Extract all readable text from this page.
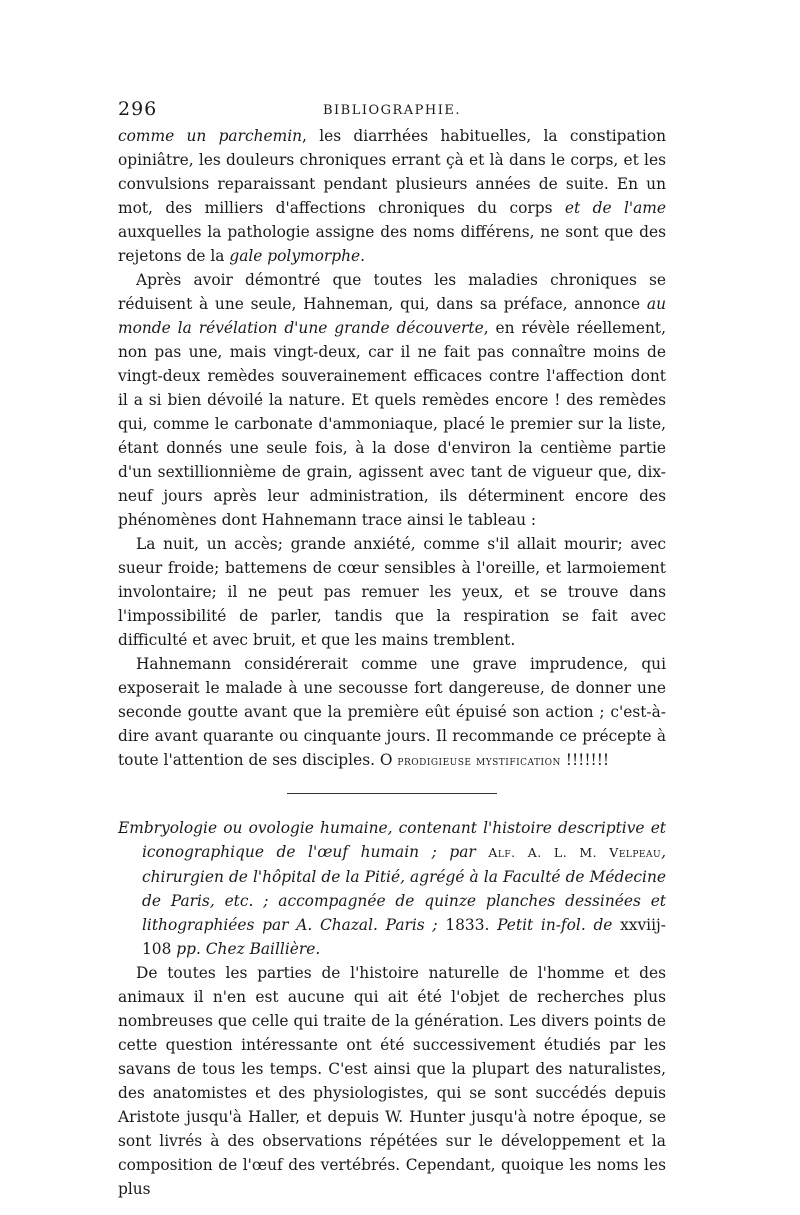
296	BIBLIOGRAPHIE.

comme un parchemin, les diarrhées habituelles, la constipation opiniâtre, les douleurs chroniques errant çà et là dans le corps, et les convulsions reparaissant pendant plusieurs années de suite. En un mot, des milliers d'affections chroniques du corps et de l'ame auxquelles la pathologie assigne des noms différens, ne sont que des rejetons de la gale polymorphe.

Après avoir démontré que toutes les maladies chroniques se réduisent à une seule, Hahneman, qui, dans sa préface, annonce au monde la révélation d'une grande découverte, en révèle réellement, non pas une, mais vingt-deux, car il ne fait pas connaître moins de vingt-deux remèdes souverainement efficaces contre l'affection dont il a si bien dévoilé la nature. Et quels remèdes encore ! des remèdes qui, comme le carbonate d'ammoniaque, placé le premier sur la liste, étant donnés une seule fois, à la dose d'environ la centième partie d'un sextillionnième de grain, agissent avec tant de vigueur que, dix-neuf jours après leur administration, ils déterminent encore des phénomènes dont Hahnemann trace ainsi le tableau :

La nuit, un accès; grande anxiété, comme s'il allait mourir; avec sueur froide; battemens de cœur sensibles à l'oreille, et larmoiement involontaire; il ne peut pas remuer les yeux, et se trouve dans l'impossibilité de parler, tandis que la respiration se fait avec difficulté et avec bruit, et que les mains tremblent.

Hahnemann considérerait comme une grave imprudence, qui exposerait le malade à une secousse fort dangereuse, de donner une seconde goutte avant que la première eût épuisé son action ; c'est-à-dire avant quarante ou cinquante jours. Il recommande ce précepte à toute l'attention de ses disciples. O prodigieuse mystification !!!!!!!

Embryologie ou ovologie humaine, contenant l'histoire descriptive et iconographique de l'œuf humain ; par Alf. A. L. M. Velpeau, chirurgien de l'hôpital de la Pitié, agrégé à la Faculté de Médecine de Paris, etc. ; accompagnée de quinze planches dessinées et lithographiées par A. Chazal. Paris ; 1833. Petit in-fol. de xxviij-108 pp. Chez Baillière.

De toutes les parties de l'histoire naturelle de l'homme et des animaux il n'en est aucune qui ait été l'objet de recherches plus nombreuses que celle qui traite de la génération. Les divers points de cette question intéressante ont été successivement étudiés par les savans de tous les temps. C'est ainsi que la plupart des naturalistes, des anatomistes et des physiologistes, qui se sont succédés depuis Aristote jusqu'à Haller, et depuis W. Hunter jusqu'à notre époque, se sont livrés à des observations répétées sur le développement et la composition de l'œuf des vertébrés. Cependant, quoique les noms les plus
